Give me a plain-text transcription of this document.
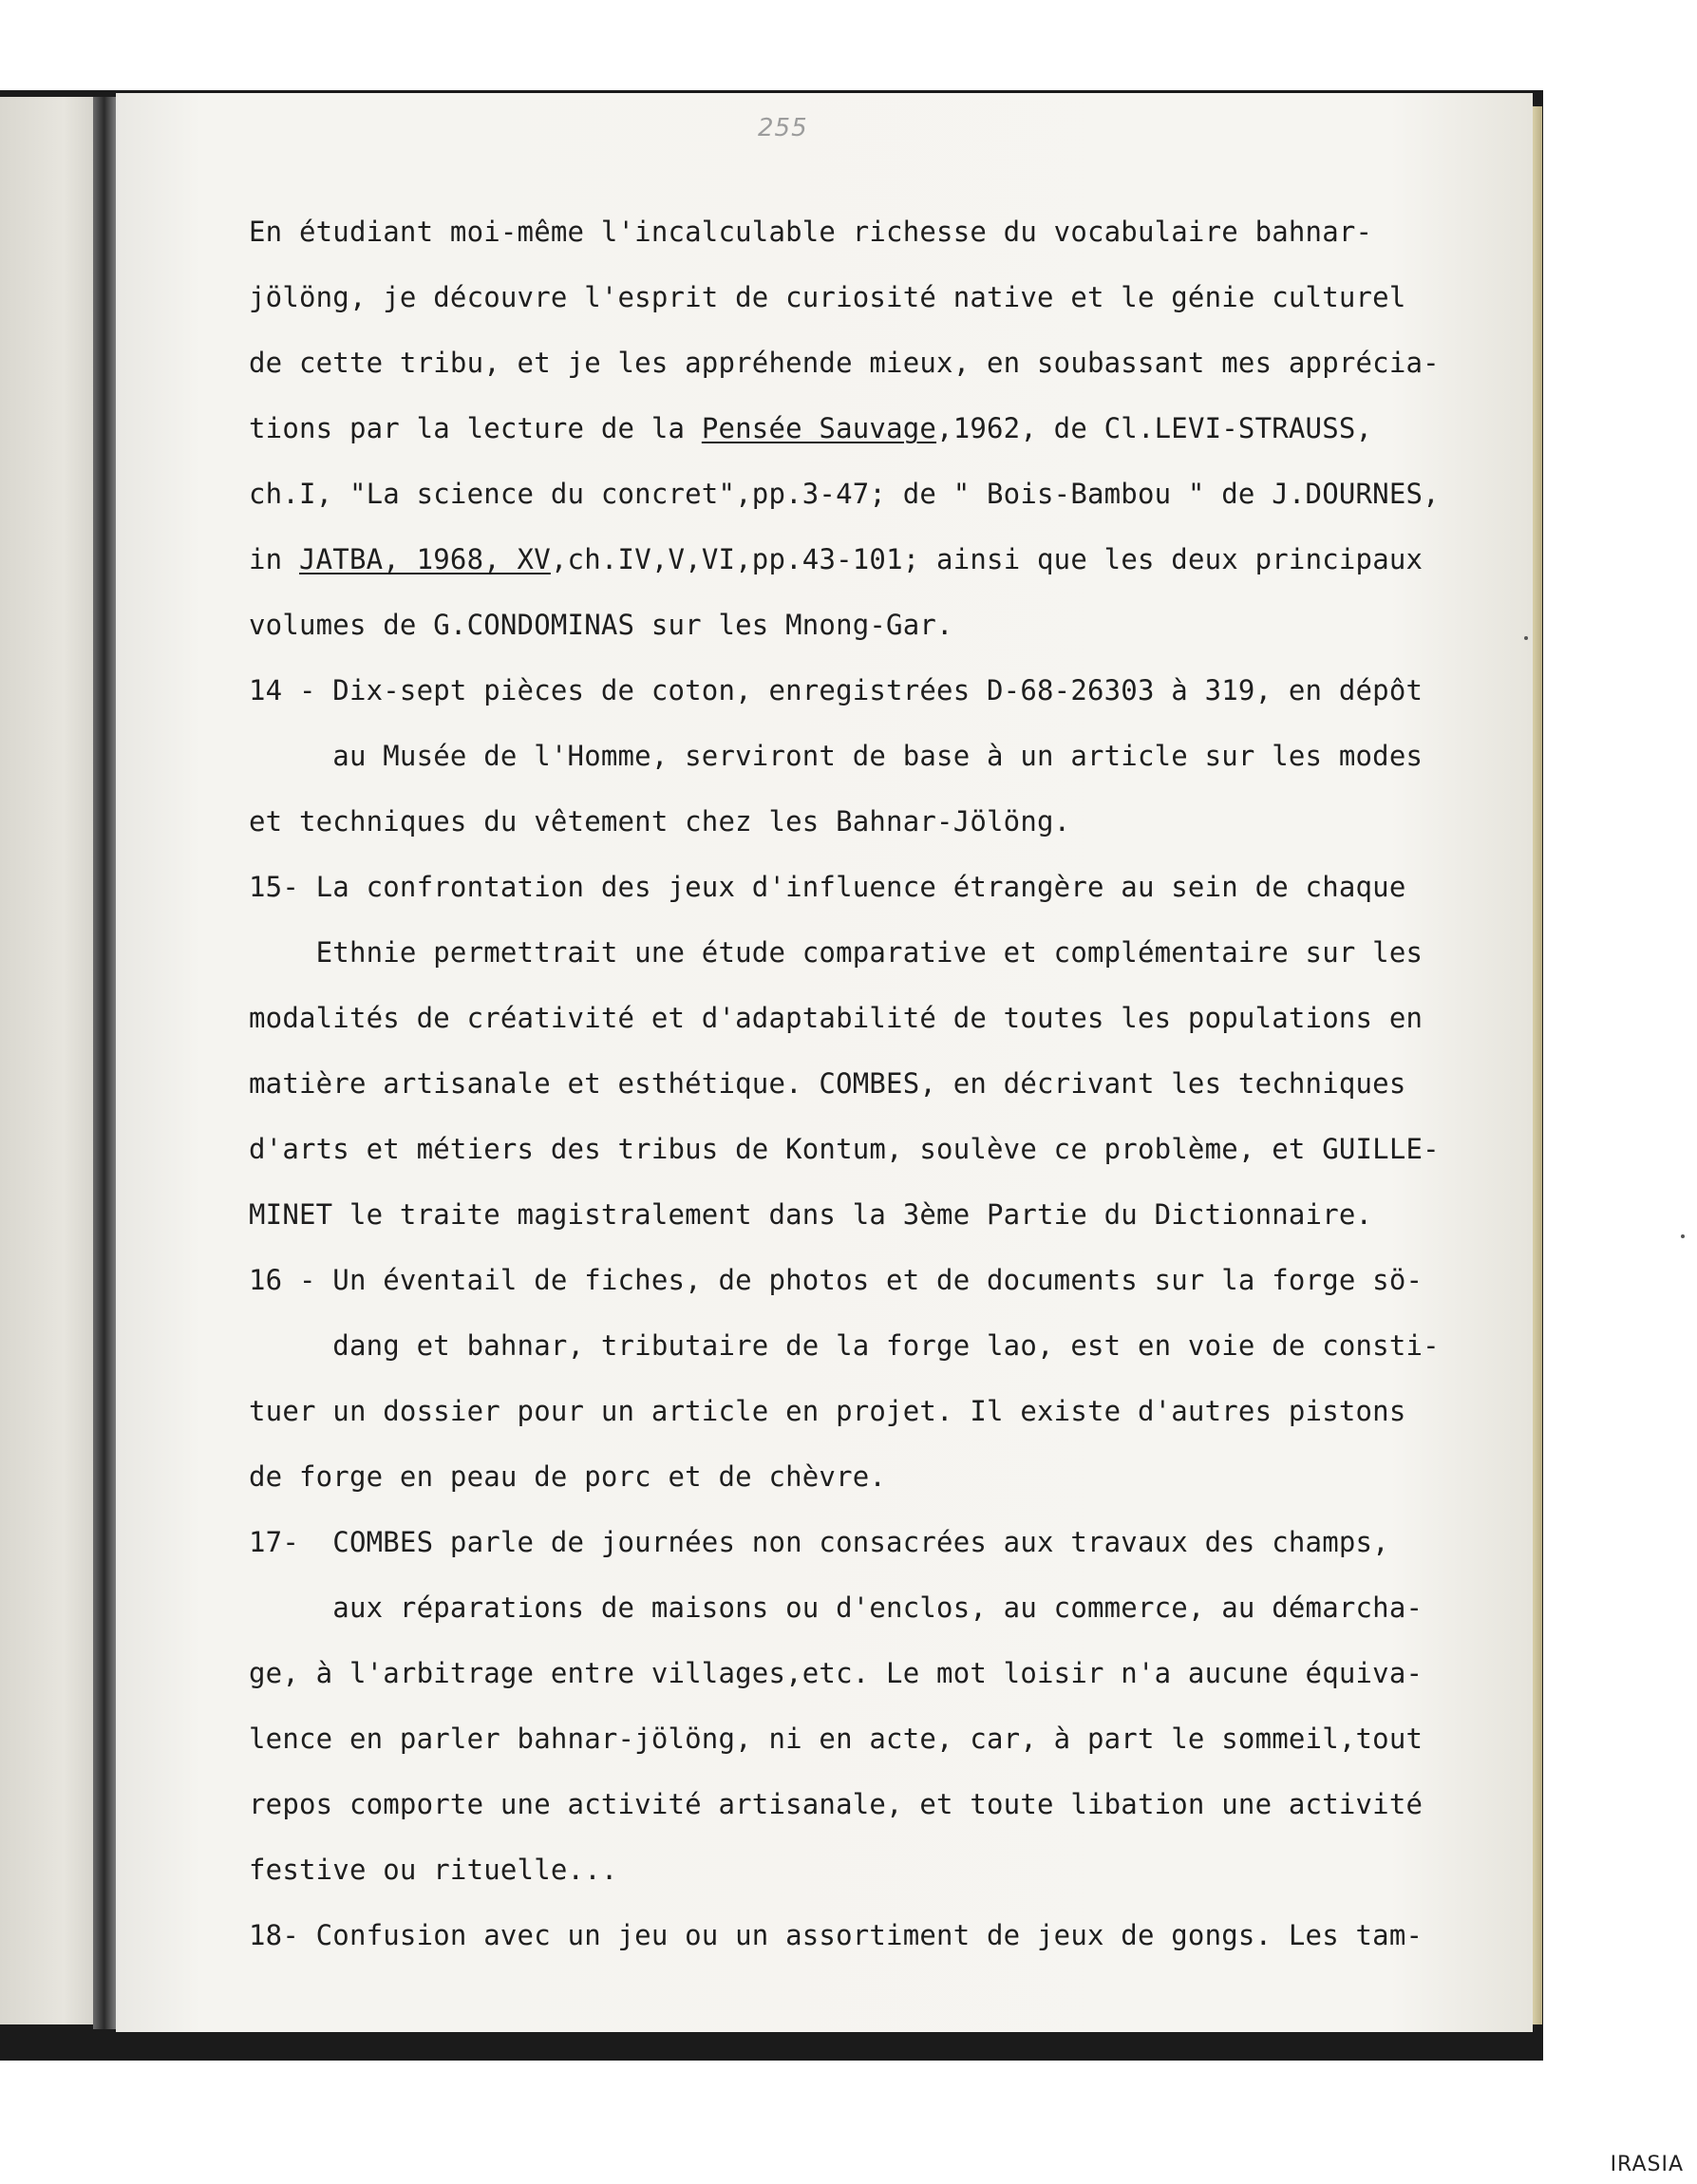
255
En étudiant moi-même l'incalculable richesse du vocabulaire bahnar-
jölöng, je découvre l'esprit de curiosité native et le génie culturel
de cette tribu, et je les appréhende mieux, en soubassant mes apprécia-
tions par la lecture de la Pensée Sauvage,1962, de Cl.LEVI-STRAUSS,
ch.I, "La science du concret",pp.3-47; de " Bois-Bambou " de J.DOURNES,
in JATBA, 1968, XV,ch.IV,V,VI,pp.43-101; ainsi que les deux principaux
volumes de G.CONDOMINAS sur les Mnong-Gar.
14 - Dix-sept pièces de coton, enregistrées D-68-26303 à 319, en dépôt
au Musée de l'Homme, serviront de base à un article sur les modes
et techniques du vêtement chez les Bahnar-Jölöng.
15- La confrontation des jeux d'influence étrangère au sein de chaque
Ethnie permettrait une étude comparative et complémentaire sur les
modalités de créativité et d'adaptabilité de toutes les populations en
matière artisanale et esthétique. COMBES, en décrivant les techniques
d'arts et métiers des tribus de Kontum, soulève ce problème, et GUILLE-
MINET le traite magistralement dans la 3ème Partie du Dictionnaire.
16 - Un éventail de fiches, de photos et de documents sur la forge sö-
dang et bahnar, tributaire de la forge lao, est en voie de consti-
tuer un dossier pour un article en projet. Il existe d'autres pistons
de forge en peau de porc et de chèvre.
17-  COMBES parle de journées non consacrées aux travaux des champs,
aux réparations de maisons ou d'enclos, au commerce, au démarcha-
ge, à l'arbitrage entre villages,etc. Le mot loisir n'a aucune équiva-
lence en parler bahnar-jölöng, ni en acte, car, à part le sommeil,tout
repos comporte une activité artisanale, et toute libation une activité
festive ou rituelle...
18- Confusion avec un jeu ou un assortiment de jeux de gongs. Les tam-
IRASIA
